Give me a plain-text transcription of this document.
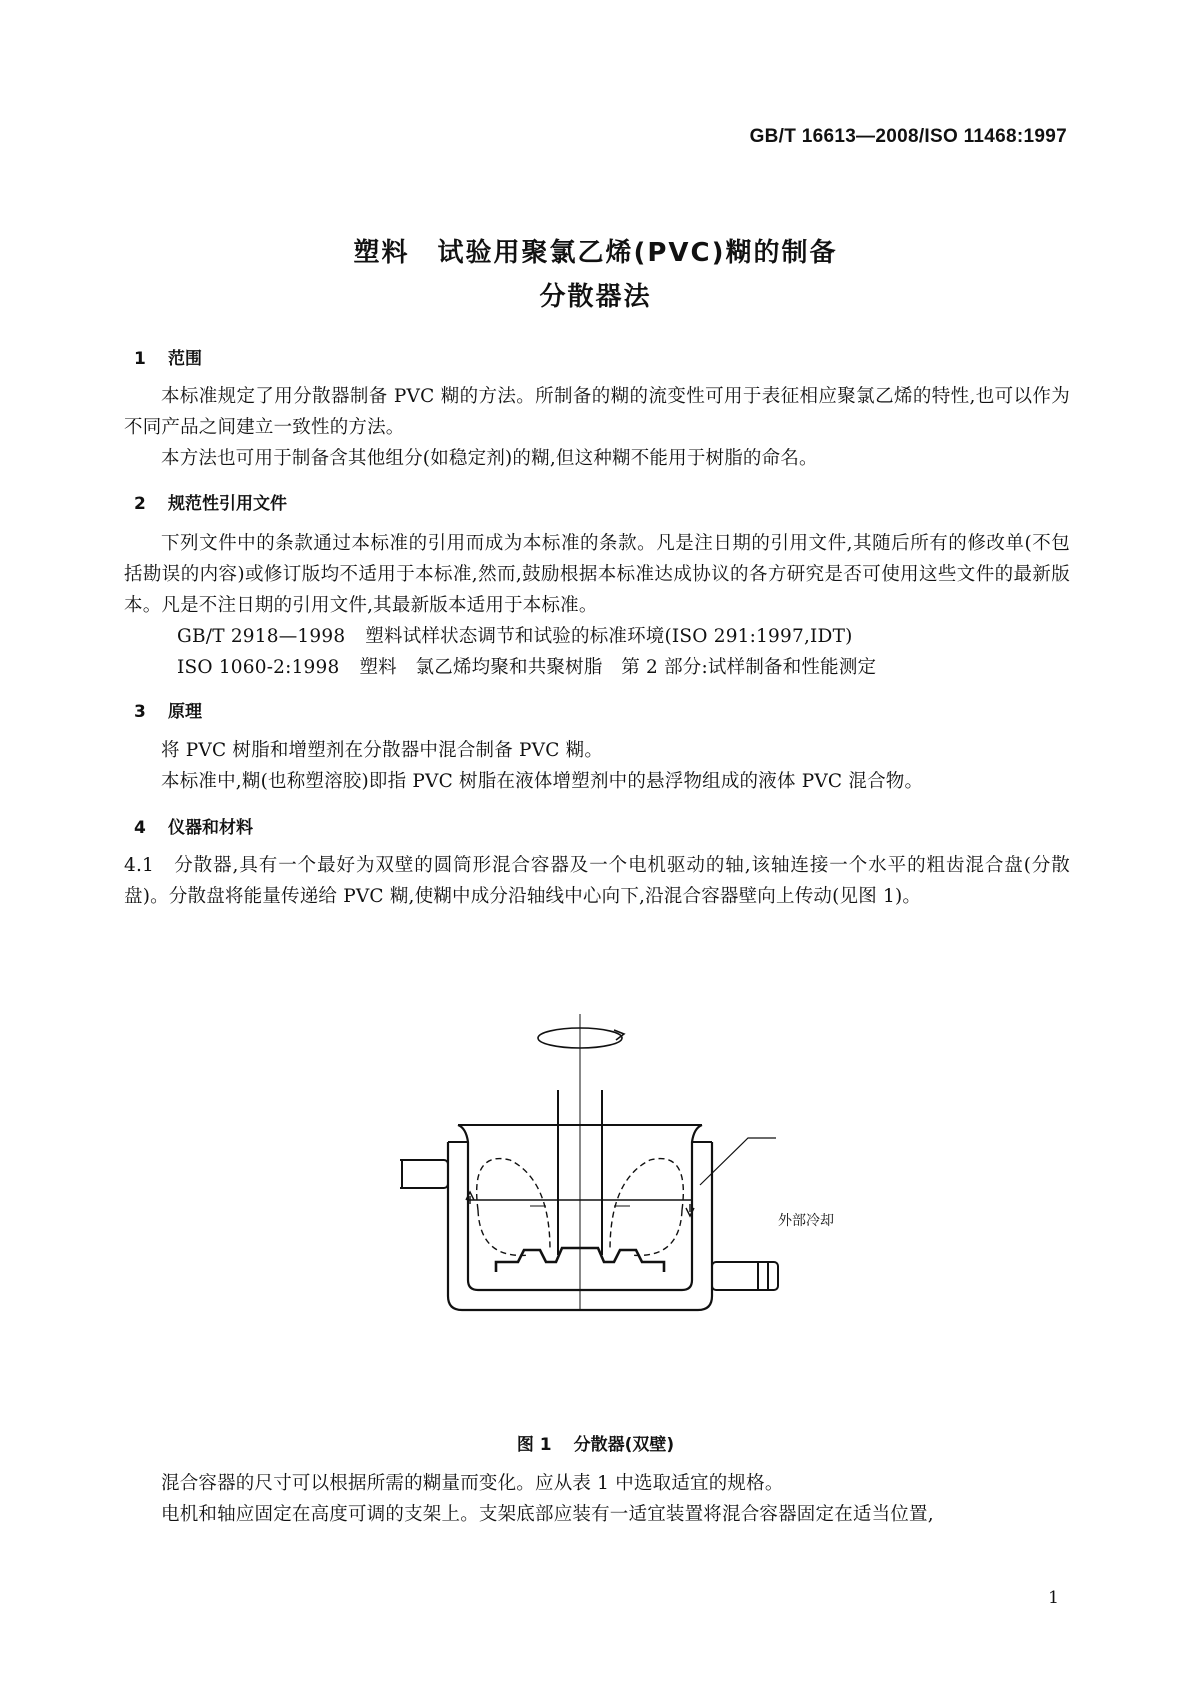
GB/T 16613—2008/ISO 11468:1997
塑料　试验用聚氯乙烯(PVC)糊的制备
分散器法
1 范围
本标准规定了用分散器制备 PVC 糊的方法。所制备的糊的流变性可用于表征相应聚氯乙烯的特性,也可以作为不同产品之间建立一致性的方法。
本方法也可用于制备含其他组分(如稳定剂)的糊,但这种糊不能用于树脂的命名。
2 规范性引用文件
下列文件中的条款通过本标准的引用而成为本标准的条款。凡是注日期的引用文件,其随后所有的修改单(不包括勘误的内容)或修订版均不适用于本标准,然而,鼓励根据本标准达成协议的各方研究是否可使用这些文件的最新版本。凡是不注日期的引用文件,其最新版本适用于本标准。
GB/T 2918—1998 塑料试样状态调节和试验的标准环境(ISO 291:1997,IDT)
ISO 1060-2:1998 塑料　氯乙烯均聚和共聚树脂　第 2 部分:试样制备和性能测定
3 原理
将 PVC 树脂和增塑剂在分散器中混合制备 PVC 糊。
本标准中,糊(也称塑溶胶)即指 PVC 树脂在液体增塑剂中的悬浮物组成的液体 PVC 混合物。
4 仪器和材料
4.1　分散器,具有一个最好为双壁的圆筒形混合容器及一个电机驱动的轴,该轴连接一个水平的粗齿混合盘(分散盘)。分散盘将能量传递给 PVC 糊,使糊中成分沿轴线中心向下,沿混合容器壁向上传动(见图 1)。
外部冷却
图 1 分散器(双壁)
混合容器的尺寸可以根据所需的糊量而变化。应从表 1 中选取适宜的规格。
电机和轴应固定在高度可调的支架上。支架底部应装有一适宜装置将混合容器固定在适当位置,
1
